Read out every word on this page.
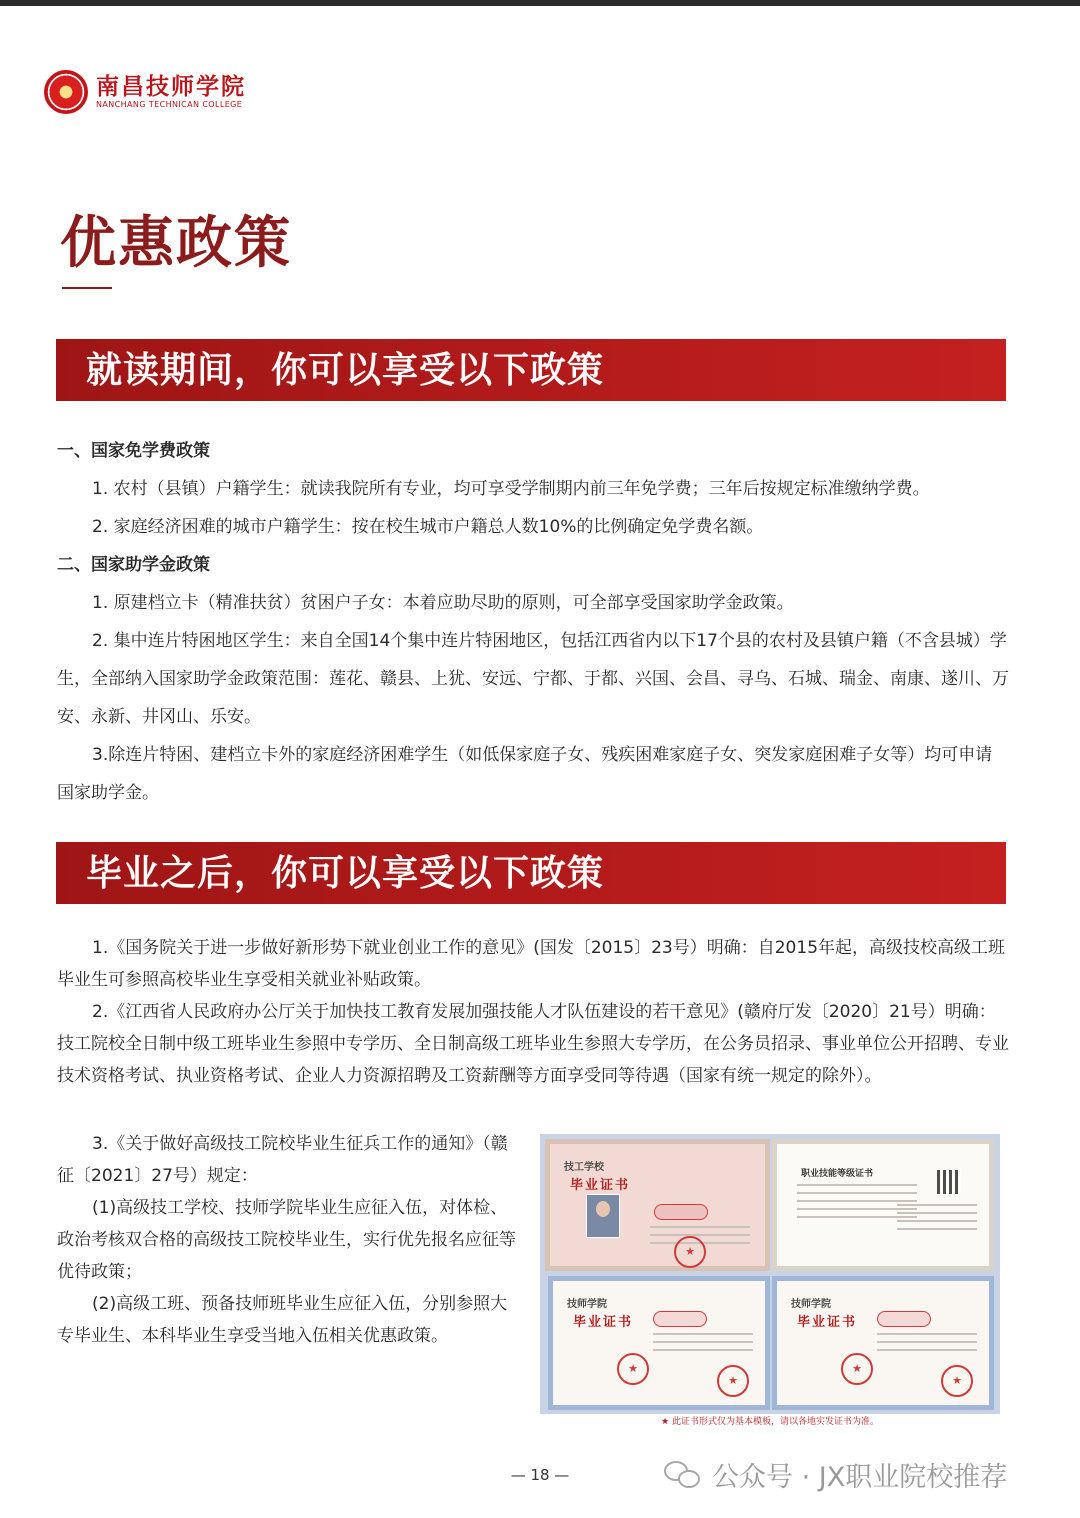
南昌技师学院
NANCHANG TECHNICAN COLLEGE
优惠政策
就读期间，你可以享受以下政策
一、国家免学费政策
1. 农村（县镇）户籍学生：就读我院所有专业，均可享受学制期内前三年免学费；三年后按规定标准缴纳学费。
2. 家庭经济困难的城市户籍学生：按在校生城市户籍总人数10%的比例确定免学费名额。
二、国家助学金政策
1. 原建档立卡（精准扶贫）贫困户子女：本着应助尽助的原则，可全部享受国家助学金政策。
2. 集中连片特困地区学生：来自全国14个集中连片特困地区，包括江西省内以下17个县的农村及县镇户籍（不含县城）学生，全部纳入国家助学金政策范围：莲花、赣县、上犹、安远、宁都、于都、兴国、会昌、寻乌、石城、瑞金、南康、遂川、万安、永新、井冈山、乐安。
3.除连片特困、建档立卡外的家庭经济困难学生（如低保家庭子女、残疾困难家庭子女、突发家庭困难子女等）均可申请国家助学金。
毕业之后，你可以享受以下政策
1.《国务院关于进一步做好新形势下就业创业工作的意见》(国发〔2015〕23号）明确：自2015年起，高级技校高级工班毕业生可参照高校毕业生享受相关就业补贴政策。
2.《江西省人民政府办公厅关于加快技工教育发展加强技能人才队伍建设的若干意见》(赣府厅发〔2020〕21号）明确：技工院校全日制中级工班毕业生参照中专学历、全日制高级工班毕业生参照大专学历，在公务员招录、事业单位公开招聘、专业技术资格考试、执业资格考试、企业人力资源招聘及工资薪酬等方面享受同等待遇（国家有统一规定的除外）。
3.《关于做好高级技工院校毕业生征兵工作的通知》（赣征〔2021〕27号）规定：
(1)高级技工学校、技师学院毕业生应征入伍，对体检、政治考核双合格的高级技工院校毕业生，实行优先报名应征等优待政策；
(2)高级工班、预备技师班毕业生应征入伍，分别参照大专毕业生、本科毕业生享受当地入伍相关优惠政策。
技工学校
毕业证书
★
职业技能等级证书
技师学院
毕业证书
★
★
技师学院
毕业证书
★
★
★ 此证书形式仅为基本模板，请以各地实发证书为准。
— 18 —	公众号 · JX职业院校推荐
